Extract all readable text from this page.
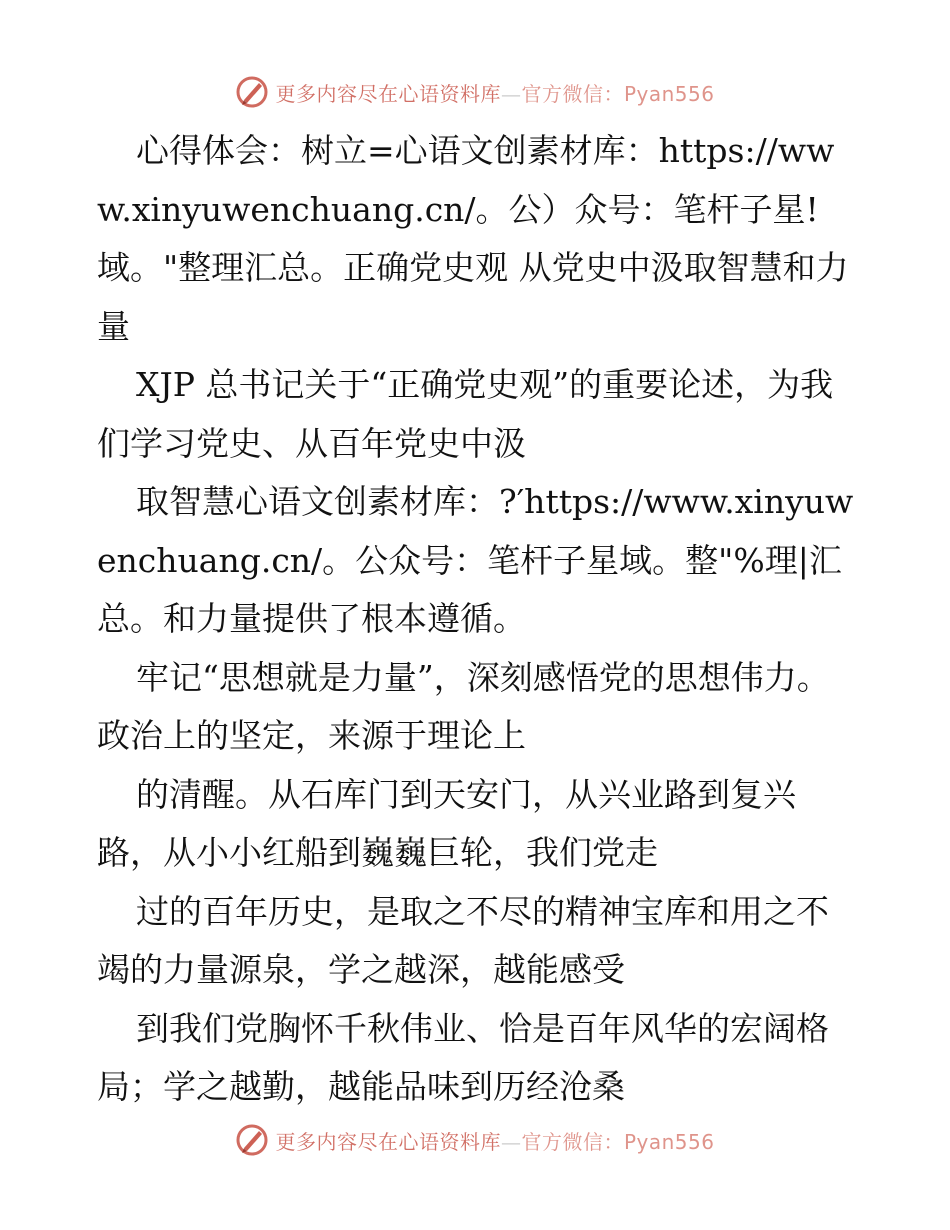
更多内容尽在心语资料库—官方微信：Pyan556

心得体会：树立=心语文创素材库：https://www.xinyuwenchuang.cn/。公）众号：笔杆子星!域。"整理汇总。正确党史观 从党史中汲取智慧和力量

XJP 总书记关于“正确党史观”的重要论述，为我们学习党史、从百年党史中汲

取智慧心语文创素材库：?′https://www.xinyuwenchuang.cn/。公众号：笔杆子星域。整"%理|汇总。和力量提供了根本遵循。

牢记“思想就是力量”，深刻感悟党的思想伟力。政治上的坚定，来源于理论上

的清醒。从石库门到天安门，从兴业路到复兴路，从小小红船到巍巍巨轮，我们党走

过的百年历史，是取之不尽的精神宝库和用之不竭的力量源泉，学之越深，越能感受

到我们党胸怀千秋伟业、恰是百年风华的宏阔格局；学之越勤，越能品味到历经沧桑

更多内容尽在心语资料库—官方微信：Pyan556
